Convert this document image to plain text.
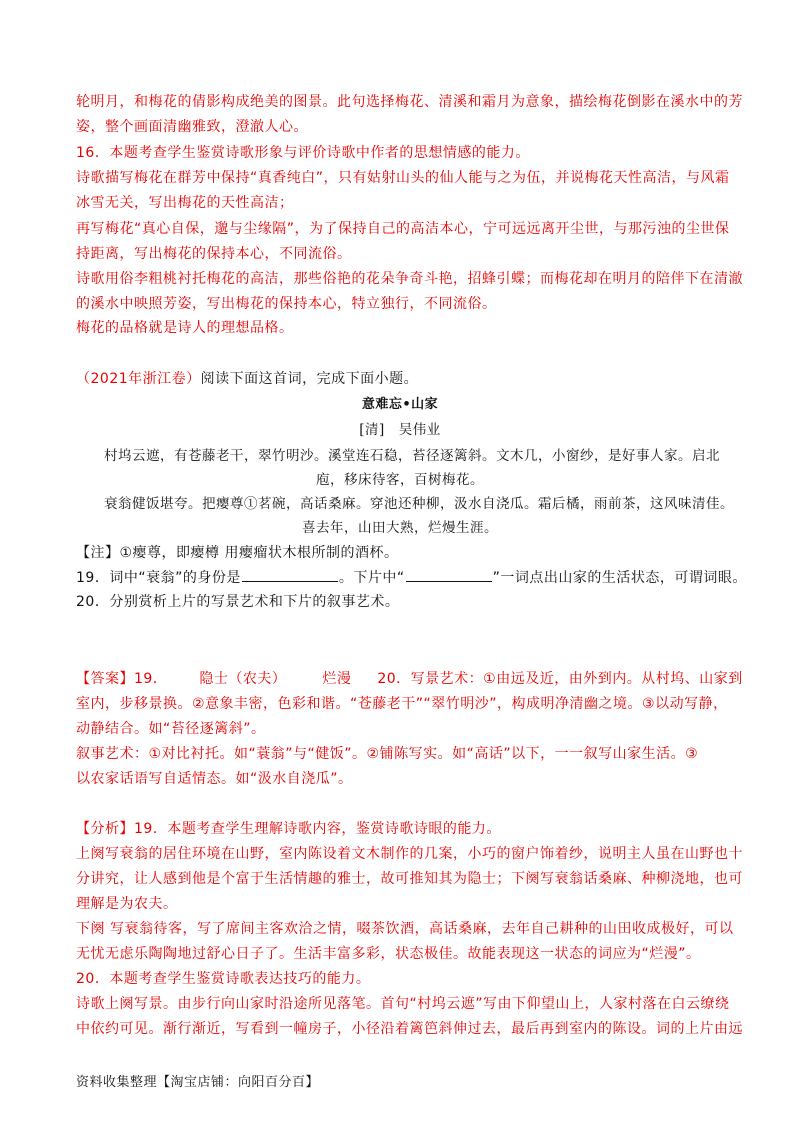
轮明月，和梅花的倩影构成绝美的图景。此句选择梅花、清溪和霜月为意象，描绘梅花倒影在溪水中的芳
姿，整个画面清幽雅致，澄澈人心。
16．本题考查学生鉴赏诗歌形象与评价诗歌中作者的思想情感的能力。
诗歌描写梅花在群芳中保持“真香纯白”，只有姑射山头的仙人能与之为伍，并说梅花天性高洁，与风霜
冰雪无关，写出梅花的天性高洁；
再写梅花“真心自保，邈与尘缘隔”，为了保持自己的高洁本心，宁可远远离开尘世，与那污浊的尘世保
持距离，写出梅花的保持本心，不同流俗。
诗歌用俗李粗桃衬托梅花的高洁，那些俗艳的花朵争奇斗艳，招蜂引蝶；而梅花却在明月的陪伴下在清澈
的溪水中映照芳姿，写出梅花的保持本心，特立独行，不同流俗。
梅花的品格就是诗人的理想品格。
（2021年浙江卷）阅读下面这首词，完成下面小题。
意难忘•山家
[清]　吴伟业
村坞云遮，有苍藤老干，翠竹明沙。溪堂连石稳，苔径逐篱斜。文木几，小窗纱，是好事人家。启北
庖，移床待客，百树梅花。
衰翁健饭堪夸。把瘿尊①茗碗，高话桑麻。穿池还种柳，汲水自浇瓜。霜后橘，雨前茶，这风味清佳。
喜去年，山田大熟，烂熳生涯。
【注】①瘿尊，即瘿樽 用瘿瘤状木根所制的酒杯。
19．词中“衰翁”的身份是	。下片中“	”一词点出山家的生活状态，可谓词眼。
20．分别赏析上片的写景艺术和下片的叙事艺术。
【答案】19． 隐士（农夫）	烂漫 20．写景艺术：①由远及近，由外到内。从村坞、山家到
室内，步移景换。②意象丰密，色彩和谐。“苍藤老干”“翠竹明沙”，构成明净清幽之境。③以动写静，
动静结合。如“苔径逐篱斜”。
叙事艺术：①对比衬托。如“蓑翁”与“健饭”。②铺陈写实。如“高话”以下，一一叙写山家生活。③
以农家话语写自适情态。如“汲水自浇瓜”。
【分析】19．本题考查学生理解诗歌内容，鉴赏诗歌诗眼的能力。
上阕写衰翁的居住环境在山野，室内陈设着文木制作的几案，小巧的窗户饰着纱，说明主人虽在山野也十
分讲究，让人感到他是个富于生活情趣的雅士，故可推知其为隐士；下阕写衰翁话桑麻、种柳浇地，也可
理解是为农夫。
下阕 写衰翁待客，写了席间主客欢洽之情，啜茶饮酒，高话桑麻，去年自己耕种的山田收成极好，可以
无忧无虑乐陶陶地过舒心日子了。生活丰富多彩，状态极佳。故能表现这一状态的词应为“烂漫”。
20．本题考查学生鉴赏诗歌表达技巧的能力。
诗歌上阕写景。由步行向山家时沿途所见落笔。首句“村坞云遮”写由下仰望山上，人家村落在白云缭绕
中依约可见。渐行渐近，写看到一幢房子，小径沿着篱笆斜伸过去，最后再到室内的陈设。词的上片由远
资料收集整理【淘宝店铺：向阳百分百】
